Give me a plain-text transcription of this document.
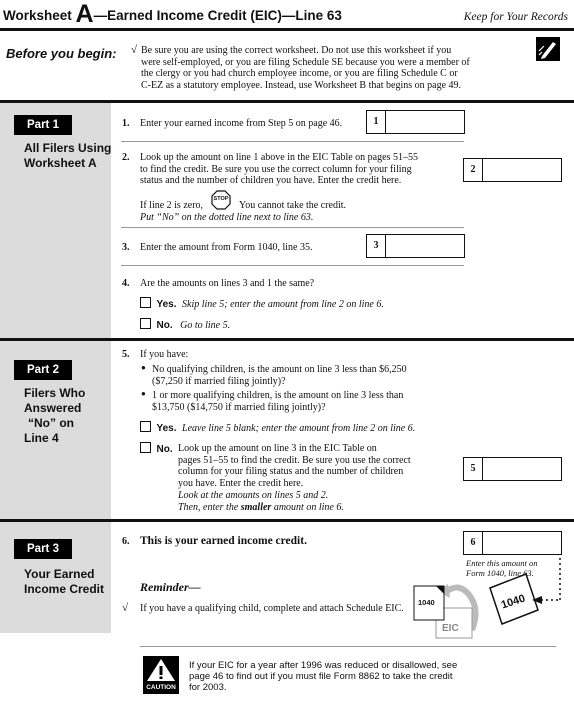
Worksheet A—Earned Income Credit (EIC)—Line 63	Keep for Your Records
Before you begin: √ Be sure you are using the correct worksheet. Do not use this worksheet if you
were self-employed, or you are filing Schedule SE because you were a member of
the clergy or you had church employee income, or you are filing Schedule C or
C-EZ as a statutory employee. Instead, use Worksheet B that begins on page 49.
Part 1
All Filers Using
Worksheet A
1. Enter your earned income from Step 5 on page 46.	1
2. Look up the amount on line 1 above in the EIC Table on pages 51–55
to find the credit. Be sure you use the correct column for your filing
status and the number of children you have. Enter the credit here.
2
If line 2 is zero,
STOP
You cannot take the credit.
Put “No” on the dotted line next to line 63.
3. Enter the amount from Form 1040, line 35.	3
4. Are the amounts on lines 3 and 1 the same?
Yes. Skip line 5; enter the amount from line 2 on line 6.
No. Go to line 5.
Part 2
Filers Who
Answered
“No” on
Line 4
5. If you have:
● No qualifying children, is the amount on line 3 less than $6,250
($7,250 if married filing jointly)?
● 1 or more qualifying children, is the amount on line 3 less than
$13,750 ($14,750 if married filing jointly)?
Yes. Leave line 5 blank; enter the amount from line 2 on line 6.
No. Look up the amount on line 3 in the EIC Table on
pages 51–55 to find the credit. Be sure you use the correct
column for your filing status and the number of children
you have. Enter the credit here.
5
Look at the amounts on lines 5 and 2.
Then, enter the smaller amount on line 6.
Part 3
Your Earned
Income Credit
6. This is your earned income credit.	6
Enter this amount on
Form 1040, line 63.
Reminder—
√ If you have a qualifying child, complete and attach Schedule EIC.
1040
EIC
1040
CAUTION
If your EIC for a year after 1996 was reduced or disallowed, see
page 46 to find out if you must file Form 8862 to take the credit
for 2003.
